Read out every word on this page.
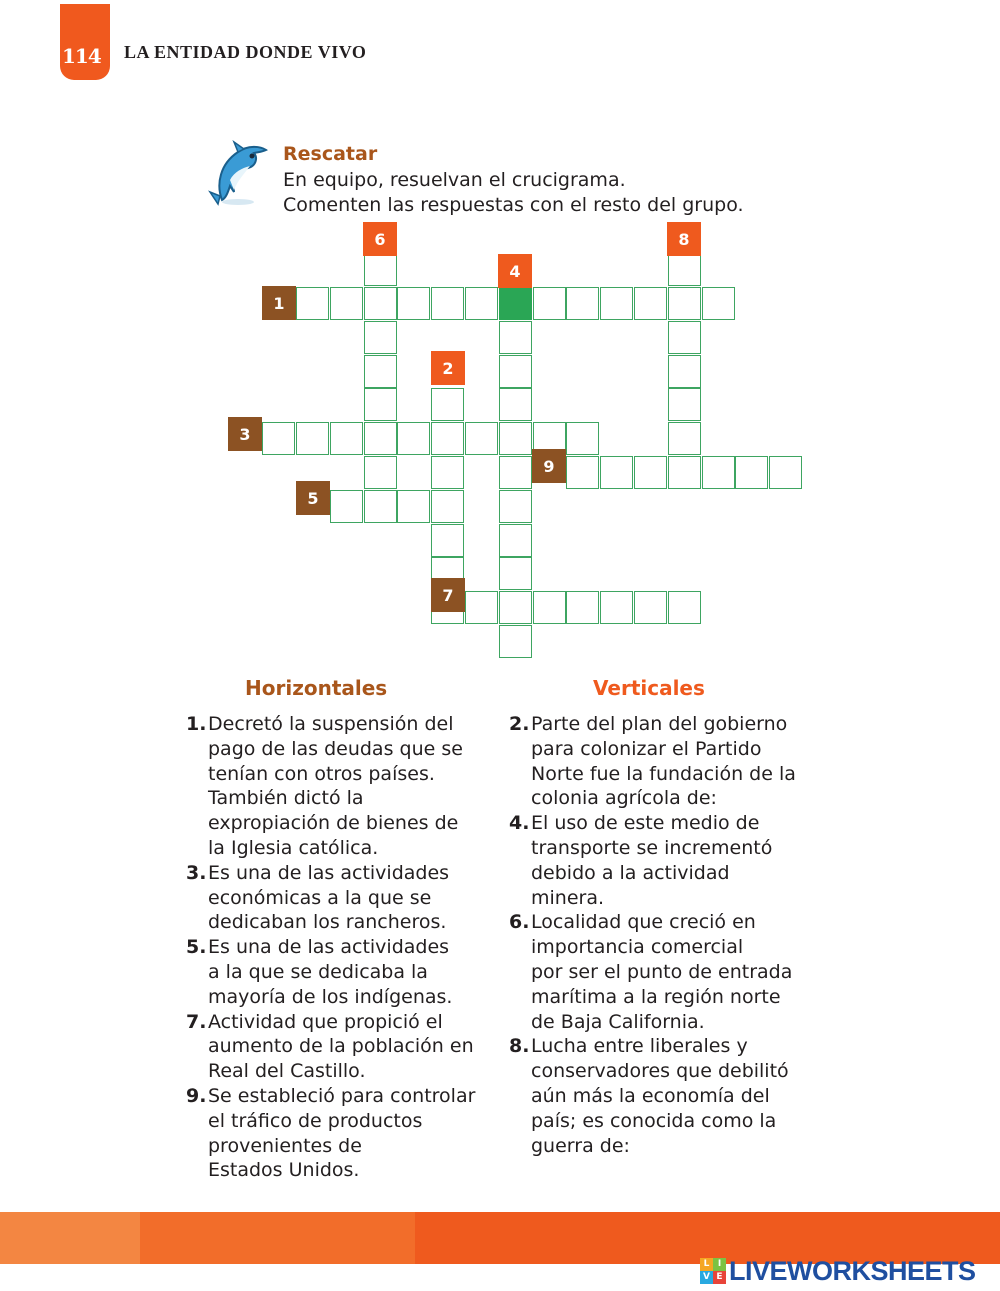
114	LA ENTIDAD DONDE VIVO
Rescatar
En equipo, resuelvan el crucigrama.
Comenten las respuestas con el resto del grupo.
6	8
4
2
1
3
9
5
7
Horizontales	Verticales
1.Decretó la suspensión del
pago de las deudas que se
tenían con otros países.
También dictó la
expropiación de bienes de
la Iglesia católica.
3.Es una de las actividades
económicas a la que se
dedicaban los rancheros.
5.Es una de las actividades
a la que se dedicaba la
mayoría de los indígenas.
7.Actividad que propició el
aumento de la población en
Real del Castillo.
9.Se estableció para controlar
el tráfico de productos
provenientes de
Estados Unidos.
2.Parte del plan del gobierno
para colonizar el Partido
Norte fue la fundación de la
colonia agrícola de:
4.El uso de este medio de
transporte se incrementó
debido a la actividad
minera.
6.Localidad que creció en
importancia comercial
por ser el punto de entrada
marítima a la región norte
de Baja California.
8.Lucha entre liberales y
conservadores que debilitó
aún más la economía del
país; es conocida como la
guerra de:
L I
V E LIVEWORKSHEETS
